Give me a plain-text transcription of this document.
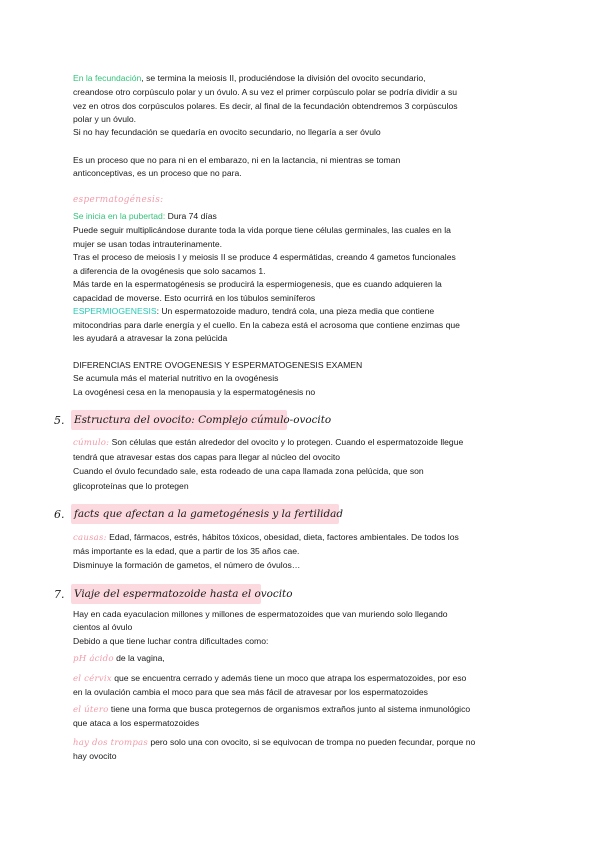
En la fecundación, se termina la meiosis II, produciéndose la división del ovocito secundario,

creandose otro corpúsculo polar y un óvulo. A su vez el primer corpúsculo polar se podría dividir a su

vez en otros dos corpúsculos polares. Es decir, al final de la fecundación obtendremos 3 corpúsculos

polar y un óvulo.

Si no hay fecundación se quedaría en ovocito secundario, no llegaría a ser óvulo

Es un proceso que no para ni en el embarazo, ni en la lactancia, ni mientras se toman

anticonceptivas, es un proceso que no para.

espermatogénesis:

Se inicia en la pubertad: Dura 74 días

Puede seguir multiplicándose durante toda la vida porque tiene células germinales, las cuales en la

mujer se usan todas intrauterinamente.

Tras el proceso de meiosis I y meiosis II se produce 4 espermátidas, creando 4 gametos funcionales

a diferencia de la ovogénesis que solo sacamos 1.

Más tarde en la espermatogénesis se producirá la espermiogenesis, que es cuando adquieren la

capacidad de moverse. Esto ocurrirá en los túbulos seminíferos

ESPERMIOGENESIS: Un espermatozoide maduro, tendrá cola, una pieza media que contiene

mitocondrias para darle energía y el cuello. En la cabeza está el acrosoma que contiene enzimas que

les ayudará a atravesar la zona pelúcida

DIFERENCIAS ENTRE OVOGENESIS Y ESPERMATOGENESIS EXAMEN

Se acumula más el material nutritivo en la ovogénesis

La ovogénesi cesa en la menopausia y la espermatogénesis no

5. Estructura del ovocito: Complejo cúmulo-ovocito

cúmulo: Son células que están alrededor del ovocito y lo protegen. Cuando el espermatozoide llegue

tendrá que atravesar estas dos capas para llegar al núcleo del ovocito

Cuando el óvulo fecundado sale, esta rodeado de una capa llamada zona pelúcida, que son

glicoproteínas que lo protegen

6. facts que afectan a la gametogénesis y la fertilidad

causas: Edad, fármacos, estrés, hábitos tóxicos, obesidad, dieta, factores ambientales. De todos los

más importante es la edad, que a partir de los 35 años cae.

Disminuye la formación de gametos, el número de óvulos…

7. Viaje del espermatozoide hasta el ovocito

Hay en cada eyaculacion millones y millones de espermatozoides que van muriendo solo llegando

cientos al óvulo

Debido a que tiene luchar contra dificultades como:

pH ácido de la vagina,

el cérvix que se encuentra cerrado y además tiene un moco que atrapa los espermatozoides, por eso

en la ovulación cambia el moco para que sea más fácil de atravesar por los espermatozoides

el útero tiene una forma que busca protegernos de organismos extraños junto al sistema inmunológico

que ataca a los espermatozoides

hay dos trompas pero solo una con ovocito, si se equivocan de trompa no pueden fecundar, porque no

hay ovocito
